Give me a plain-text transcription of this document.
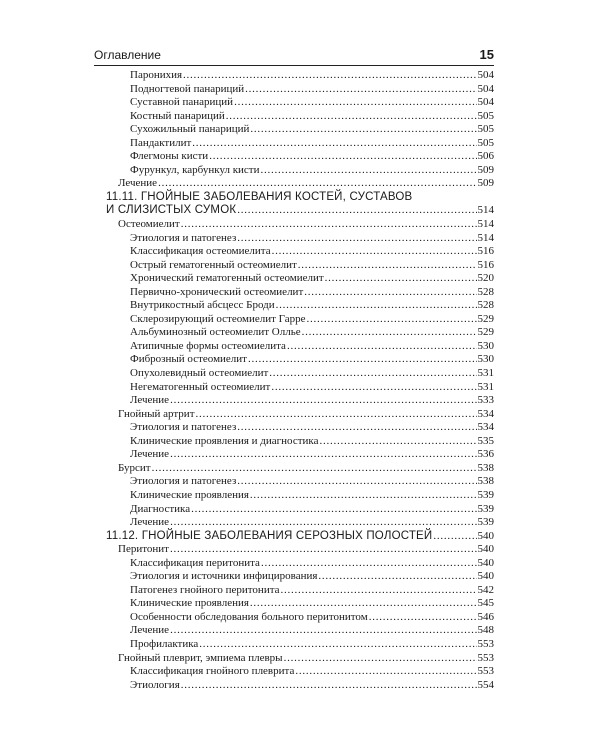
Оглавление	15
Паронихия . . .	504
Подногтевой панариций . . .	504
Суставной панариций . . .	504
Костный панариций . . .	505
Сухожильный панариций . . .	505
Пандактилит . . .	505
Флегмоны кисти . . .	506
Фурункул, карбункул кисти . . .	509
Лечение . . .	509
11.11. ГНОЙНЫЕ ЗАБОЛЕВАНИЯ КОСТЕЙ, СУСТАВОВ
И СЛИЗИСТЫХ СУМОК . . .	514
Остеомиелит . . .	514
Этиология и патогенез . . .	514
Классификация остеомиелита . . .	516
Острый гематогенный остеомиелит . . .	516
Хронический гематогенный остеомиелит . . .	520
Первично-хронический остеомиелит . . .	528
Внутрикостный абсцесс Броди . . .	528
Склерозирующий остеомиелит Гарре . . .	529
Альбуминозный остеомиелит Оллье . . .	529
Атипичные формы остеомиелита . . .	530
Фиброзный остеомиелит . . .	530
Опухолевидный остеомиелит . . .	531
Негематогенный остеомиелит . . .	531
Лечение . . .	533
Гнойный артрит . . .	534
Этиология и патогенез . . .	534
Клинические проявления и диагностика . . .	535
Лечение . . .	536
Бурсит . . .	538
Этиология и патогенез . . .	538
Клинические проявления . . .	539
Диагностика . . .	539
Лечение . . .	539
11.12. ГНОЙНЫЕ ЗАБОЛЕВАНИЯ СЕРОЗНЫХ ПОЛОСТЕЙ . . .	540
Перитонит . . .	540
Классификация перитонита . . .	540
Этиология и источники инфицирования . . .	540
Патогенез гнойного перитонита . . .	542
Клинические проявления . . .	545
Особенности обследования больного перитонитом . . .	546
Лечение . . .	548
Профилактика . . .	553
Гнойный плеврит, эмпиема плевры . . .	553
Классификация гнойного плеврита . . .	553
Этиология . . .	554
